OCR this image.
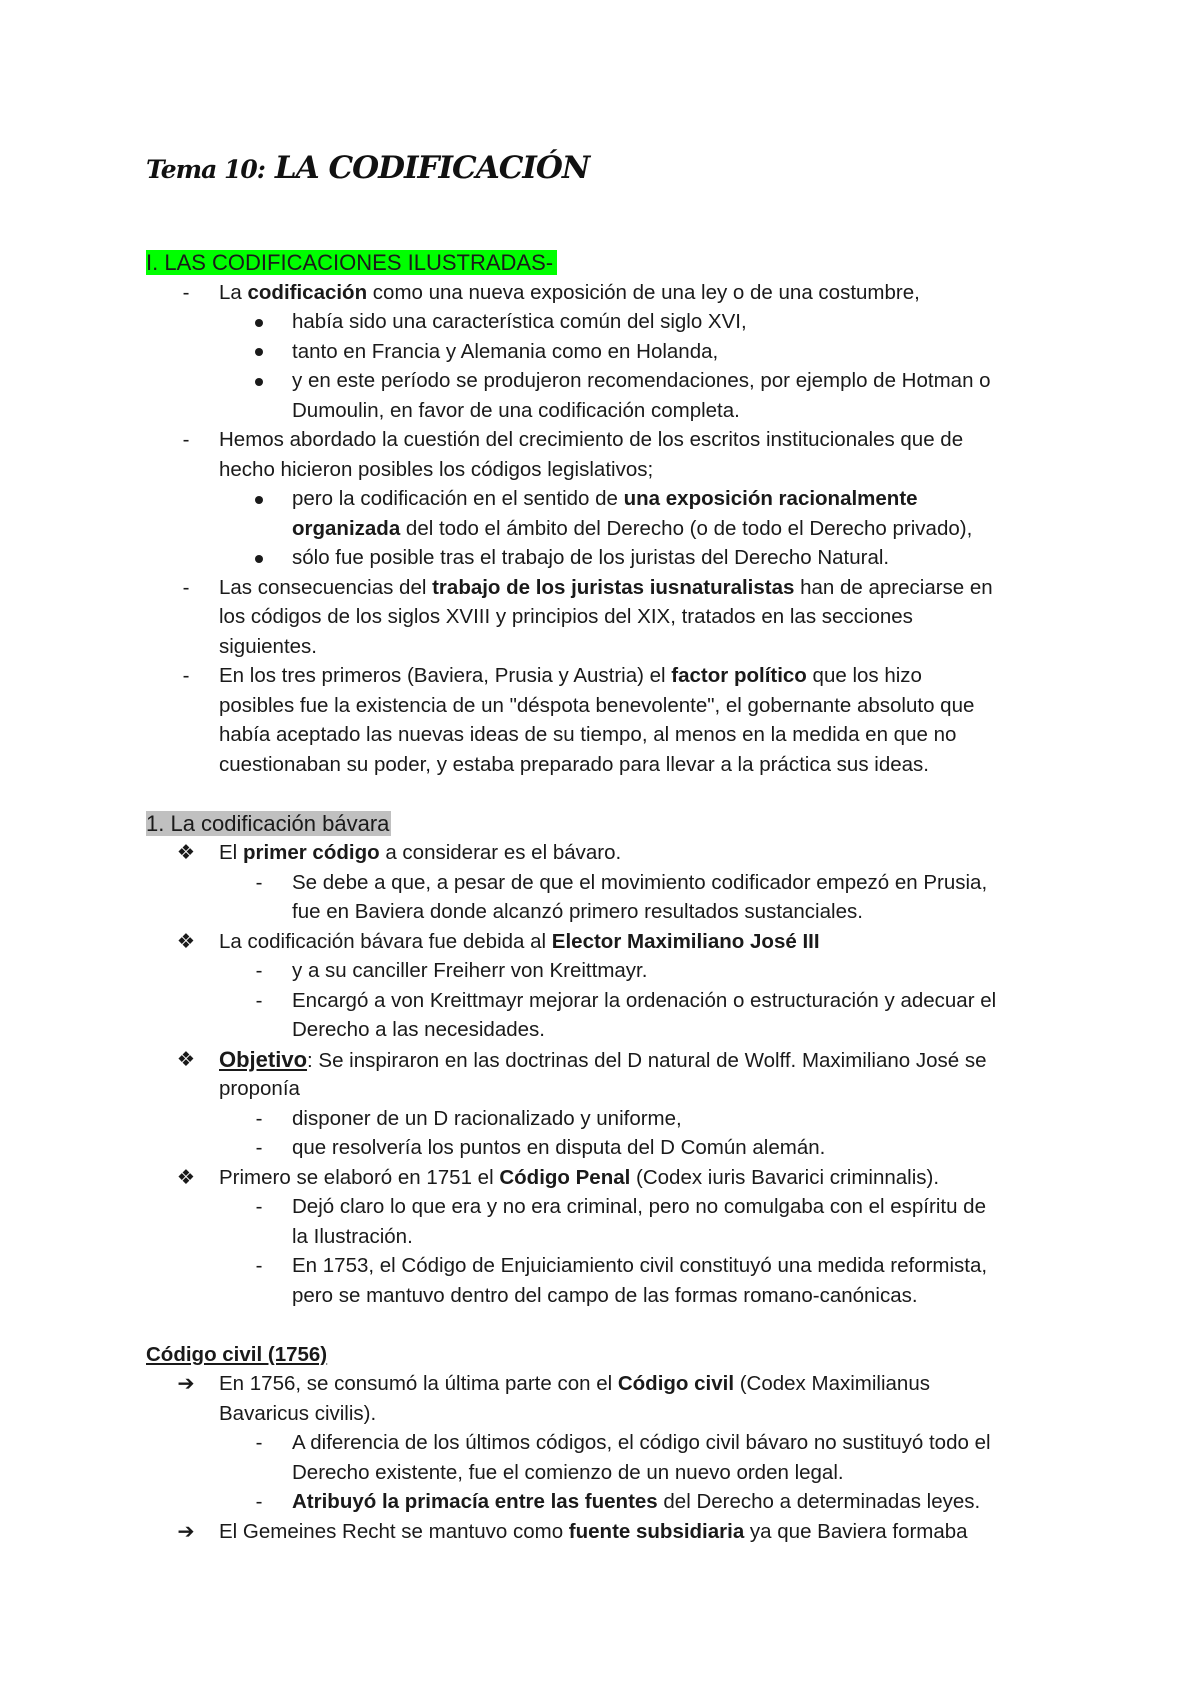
Tema 10: LA CODIFICACIÓN
I. LAS CODIFICACIONES ILUSTRADAS-
-	La codificación como una nueva exposición de una ley o de una costumbre,
había sido una característica común del siglo XVI,
tanto en Francia y Alemania como en Holanda,
y en este período se produjeron recomendaciones, por ejemplo de Hotman o
Dumoulin, en favor de una codificación completa.
-	Hemos abordado la cuestión del crecimiento de los escritos institucionales que de
hecho hicieron posibles los códigos legislativos;
pero la codificación en el sentido de una exposición racionalmente
organizada del todo el ámbito del Derecho (o de todo el Derecho privado),
sólo fue posible tras el trabajo de los juristas del Derecho Natural.
-	Las consecuencias del trabajo de los juristas iusnaturalistas han de apreciarse en
los códigos de los siglos XVIII y principios del XIX, tratados en las secciones
siguientes.
-	En los tres primeros (Baviera, Prusia y Austria) el factor político que los hizo
posibles fue la existencia de un "déspota benevolente", el gobernante absoluto que
había aceptado las nuevas ideas de su tiempo, al menos en la medida en que no
cuestionaban su poder, y estaba preparado para llevar a la práctica sus ideas.
1. La codificación bávara
❖ El primer código a considerar es el bávaro.
-	Se debe a que, a pesar de que el movimiento codificador empezó en Prusia,
fue en Baviera donde alcanzó primero resultados sustanciales.
❖ La codificación bávara fue debida al Elector Maximiliano José III
-	y a su canciller Freiherr von Kreittmayr.
-	Encargó a von Kreittmayr mejorar la ordenación o estructuración y adecuar el
Derecho a las necesidades.
❖ Objetivo: Se inspiraron en las doctrinas del D natural de Wolff. Maximiliano José se
proponía
-	disponer de un D racionalizado y uniforme,
-	que resolvería los puntos en disputa del D Común alemán.
❖ Primero se elaboró en 1751 el Código Penal (Codex iuris Bavarici criminnalis).
-	Dejó claro lo que era y no era criminal, pero no comulgaba con el espíritu de
la Ilustración.
-	En 1753, el Código de Enjuiciamiento civil constituyó una medida reformista,
pero se mantuvo dentro del campo de las formas romano-canónicas.
Código civil (1756)
➔ En 1756, se consumó la última parte con el Código civil (Codex Maximilianus
Bavaricus civilis).
-	A diferencia de los últimos códigos, el código civil bávaro no sustituyó todo el
Derecho existente, fue el comienzo de un nuevo orden legal.
-	Atribuyó la primacía entre las fuentes del Derecho a determinadas leyes.
➔ El Gemeines Recht se mantuvo como fuente subsidiaria ya que Baviera formaba
